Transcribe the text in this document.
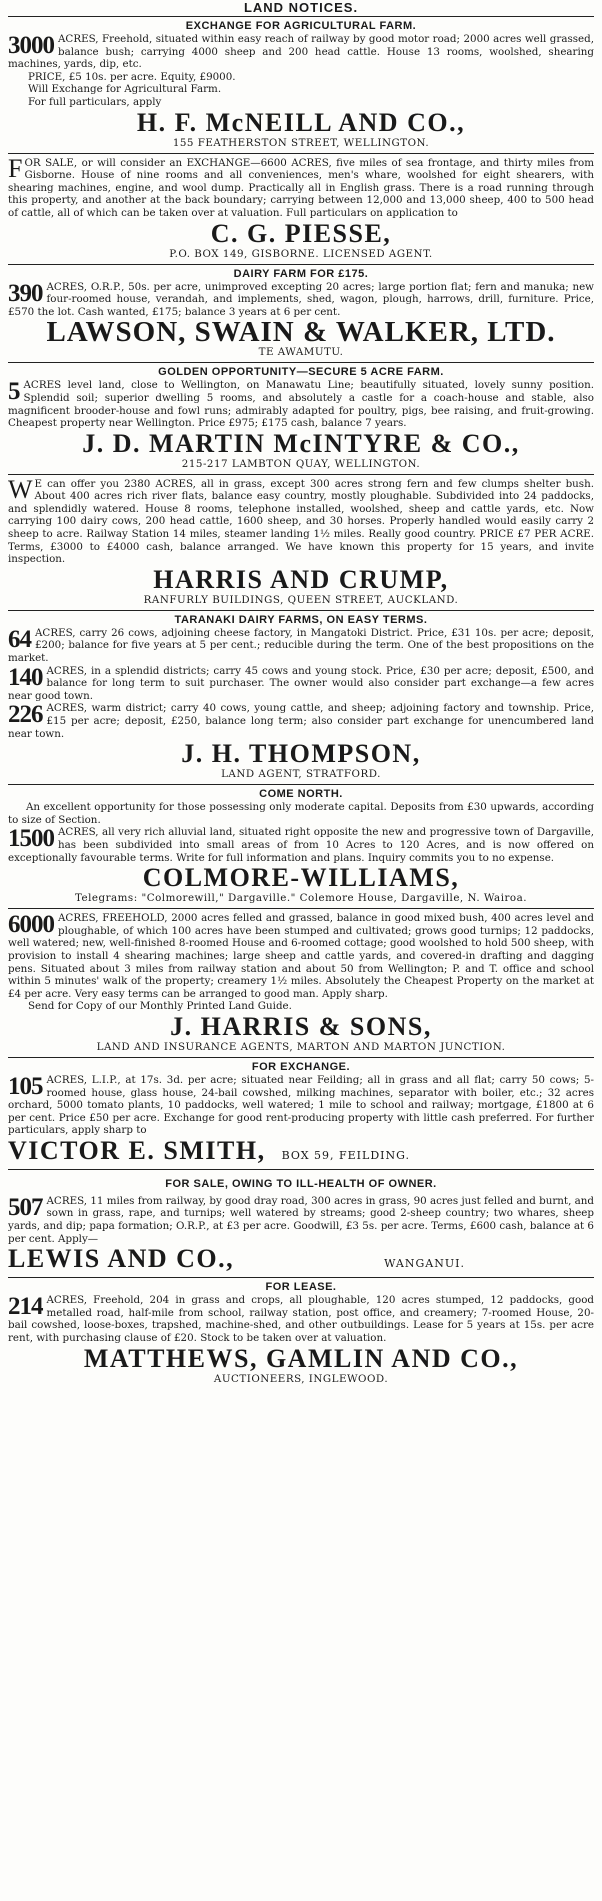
LAND NOTICES.
EXCHANGE FOR AGRICULTURAL FARM.
3000 ACRES, Freehold, situated within easy reach of railway by good motor road; 2000 acres well grassed, balance bush; carrying 4000 sheep and 200 head cattle. House 13 rooms, woolshed, shearing machines, yards, dip, etc.
PRICE, £5 10s. per acre. Equity, £9000.
Will Exchange for Agricultural Farm.
For full particulars, apply
H. F. McNEILL AND CO.,
155 FEATHERSTON STREET, WELLINGTON.
F OR SALE, or will consider an EXCHANGE—6600 ACRES, five miles of sea frontage, and thirty miles from Gisborne. House of nine rooms and all conveniences, men's whare, woolshed for eight shearers, with shearing machines, engine, and wool dump. Practically all in English grass. There is a road running through this property, and another at the back boundary; carrying between 12,000 and 13,000 sheep, 400 to 500 head of cattle, all of which can be taken over at valuation. Full particulars on application to
C. G. PIESSE,
P.O. BOX 149, GISBORNE. LICENSED AGENT.
DAIRY FARM FOR £175.
390 ACRES, O.R.P., 50s. per acre, unimproved excepting 20 acres; large portion flat; fern and manuka; new four-roomed house, verandah, and implements, shed, wagon, plough, harrows, drill, furniture. Price, £570 the lot. Cash wanted, £175; balance 3 years at 6 per cent.
LAWSON, SWAIN & WALKER, LTD.
TE AWAMUTU.
GOLDEN OPPORTUNITY—SECURE 5 ACRE FARM.
5 ACRES level land, close to Wellington, on Manawatu Line; beautifully situated, lovely sunny position. Splendid soil; superior dwelling 5 rooms, and absolutely a castle for a coach-house and stable, also magnificent brooder-house and fowl runs; admirably adapted for poultry, pigs, bee raising, and fruit-growing. Cheapest property near Wellington. Price £975; £175 cash, balance 7 years.
J. D. MARTIN McINTYRE & CO.,
215-217 LAMBTON QUAY, WELLINGTON.
W E can offer you 2380 ACRES, all in grass, except 300 acres strong fern and few clumps shelter bush. About 400 acres rich river flats, balance easy country, mostly ploughable. Subdivided into 24 paddocks, and splendidly watered. House 8 rooms, telephone installed, woolshed, sheep and cattle yards, etc. Now carrying 100 dairy cows, 200 head cattle, 1600 sheep, and 30 horses. Properly handled would easily carry 2 sheep to acre. Railway Station 14 miles, steamer landing 1½ miles. Really good country. PRICE £7 PER ACRE. Terms, £3000 to £4000 cash, balance arranged. We have known this property for 15 years, and invite inspection.
HARRIS AND CRUMP,
RANFURLY BUILDINGS, QUEEN STREET, AUCKLAND.
TARANAKI DAIRY FARMS, ON EASY TERMS.
64 ACRES, carry 26 cows, adjoining cheese factory, in Mangatoki District. Price, £31 10s. per acre; deposit, £200; balance for five years at 5 per cent.; reducible during the term. One of the best propositions on the market.
140 ACRES, in a splendid districts; carry 45 cows and young stock. Price, £30 per acre; deposit, £500, and balance for long term to suit purchaser. The owner would also consider part exchange—a few acres near good town.
226 ACRES, warm district; carry 40 cows, young cattle, and sheep; adjoining factory and township. Price, £15 per acre; deposit, £250, balance long term; also consider part exchange for unencumbered land near town.
J. H. THOMPSON,
LAND AGENT, STRATFORD.
COME NORTH.
An excellent opportunity for those possessing only moderate capital. Deposits from £30 upwards, according to size of Section.
1500 ACRES, all very rich alluvial land, situated right opposite the new and progressive town of Dargaville, has been subdivided into small areas of from 10 Acres to 120 Acres, and is now offered on exceptionally favourable terms. Write for full information and plans. Inquiry commits you to no expense.
COLMORE-WILLIAMS,
Telegrams: "Colmorewill," Dargaville." Colemore House, Dargaville, N. Wairoa.
6000 ACRES, FREEHOLD, 2000 acres felled and grassed, balance in good mixed bush, 400 acres level and ploughable, of which 100 acres have been stumped and cultivated; grows good turnips; 12 paddocks, well watered; new, well-finished 8-roomed House and 6-roomed cottage; good woolshed to hold 500 sheep, with provision to install 4 shearing machines; large sheep and cattle yards, and covered-in drafting and dagging pens. Situated about 3 miles from railway station and about 50 from Wellington; P. and T. office and school within 5 minutes' walk of the property; creamery 1½ miles. Absolutely the Cheapest Property on the market at £4 per acre. Very easy terms can be arranged to good man. Apply sharp.
Send for Copy of our Monthly Printed Land Guide.
J. HARRIS & SONS,
LAND AND INSURANCE AGENTS, MARTON AND MARTON JUNCTION.
FOR EXCHANGE.
105 ACRES, L.I.P., at 17s. 3d. per acre; situated near Feilding; all in grass and all flat; carry 50 cows; 5-roomed house, glass house, 24-bail cowshed, milking machines, separator with boiler, etc.; 32 acres orchard, 5000 tomato plants, 10 paddocks, well watered; 1 mile to school and railway; mortgage, £1800 at 6 per cent. Price £50 per acre. Exchange for good rent-producing property with little cash preferred. For further particulars, apply sharp to
VICTOR E. SMITH, BOX 59, FEILDING.
FOR SALE, OWING TO ILL-HEALTH OF OWNER.
507 ACRES, 11 miles from railway, by good dray road, 300 acres in grass, 90 acres just felled and burnt, and sown in grass, rape, and turnips; well watered by streams; good 2-sheep country; two whares, sheep yards, and dip; papa formation; O.R.P., at £3 per acre. Goodwill, £3 5s. per acre. Terms, £600 cash, balance at 6 per cent. Apply—
LEWIS AND CO.,	WANGANUI.
FOR LEASE.
214 ACRES, Freehold, 204 in grass and crops, all ploughable, 120 acres stumped, 12 paddocks, good metalled road, half-mile from school, railway station, post office, and creamery; 7-roomed House, 20-bail cowshed, loose-boxes, trapshed, machine-shed, and other outbuildings. Lease for 5 years at 15s. per acre rent, with purchasing clause of £20. Stock to be taken over at valuation.
MATTHEWS, GAMLIN AND CO.,
AUCTIONEERS, INGLEWOOD.
